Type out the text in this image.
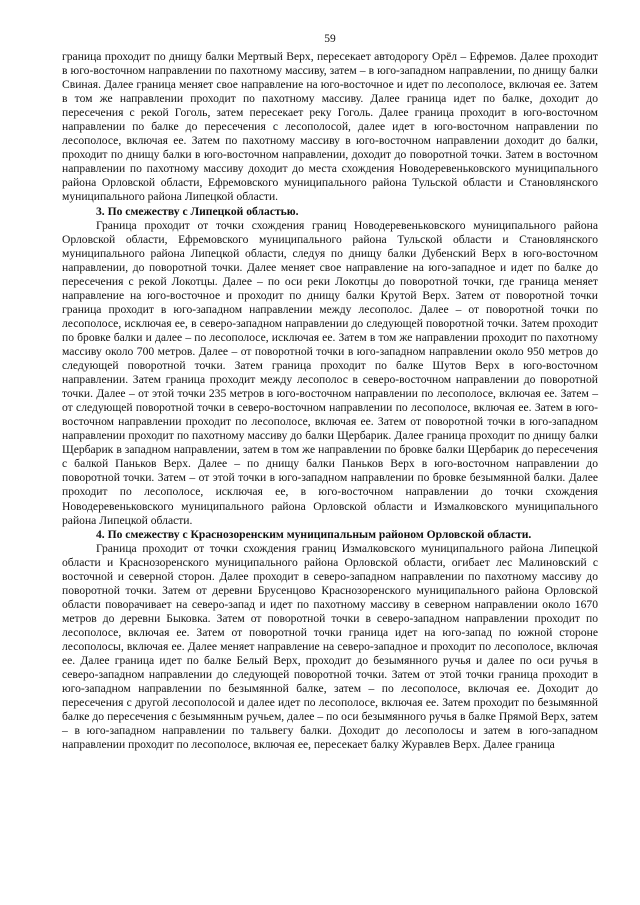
59

граница проходит по днищу балки Мертвый Верх, пересекает автодорогу Орёл – Ефремов. Далее проходит в юго-восточном направлении по пахотному массиву, затем – в юго-западном направлении, по днищу балки Свиная. Далее граница меняет свое направление на юго-восточное и идет по лесополосе, включая ее. Затем в том же направлении проходит по пахотному массиву. Далее граница идет по балке, доходит до пересечения с рекой Гоголь, затем пересекает реку Гоголь. Далее граница проходит в юго-восточном направлении по балке до пересечения с лесополосой, далее идет в юго-восточном направлении по лесополосе, включая ее. Затем по пахотному массиву в юго-восточном направлении доходит до балки, проходит по днищу балки в юго-восточном направлении, доходит до поворотной точки. Затем в восточном направлении по пахотному массиву доходит до места схождения Новодеревеньковского муниципального района Орловской области, Ефремовского муниципального района Тульской области и Становлянского муниципального района Липецкой области.

3. По смежеству с Липецкой областью.

Граница проходит от точки схождения границ Новодеревеньковского муниципального района Орловской области, Ефремовского муниципального района Тульской области и Становлянского муниципального района Липецкой области, следуя по днищу балки Дубенский Верх в юго-восточном направлении, до поворотной точки. Далее меняет свое направление на юго-западное и идет по балке до пересечения с рекой Локотцы. Далее – по оси реки Локотцы до поворотной точки, где граница меняет направление на юго-восточное и проходит по днищу балки Крутой Верх. Затем от поворотной точки граница проходит в юго-западном направлении между лесополос. Далее – от поворотной точки по лесополосе, исключая ее, в северо-западном направлении до следующей поворотной точки. Затем проходит по бровке балки и далее – по лесополосе, исключая ее. Затем в том же направлении проходит по пахотному массиву около 700 метров. Далее – от поворотной точки в юго-западном направлении около 950 метров до следующей поворотной точки. Затем граница проходит по балке Шутов Верх в юго-восточном направлении. Затем граница проходит между лесополос в северо-восточном направлении до поворотной точки. Далее – от этой точки 235 метров в юго-восточном направлении по лесополосе, включая ее. Затем – от следующей поворотной точки в северо-восточном направлении по лесополосе, включая ее. Затем в юго-восточном направлении проходит по лесополосе, включая ее. Затем от поворотной точки в юго-западном направлении проходит по пахотному массиву до балки Щербарик. Далее граница проходит по днищу балки Щербарик в западном направлении, затем в том же направлении по бровке балки Щербарик до пересечения с балкой Паньков Верх. Далее – по днищу балки Паньков Верх в юго-восточном направлении до поворотной точки. Затем – от этой точки в юго-западном направлении по бровке безымянной балки. Далее проходит по лесополосе, исключая ее, в юго-восточном направлении до точки схождения Новодеревеньковского муниципального района Орловской области и Измалковского муниципального района Липецкой области.

4. По смежеству с Краснозоренским муниципальным районом Орловской области.

Граница проходит от точки схождения границ Измалковского муниципального района Липецкой области и Краснозоренского муниципального района Орловской области, огибает лес Малиновский с восточной и северной сторон. Далее проходит в северо-западном направлении по пахотному массиву до поворотной точки. Затем от деревни Брусенцово Краснозоренского муниципального района Орловской области поворачивает на северо-запад и идет по пахотному массиву в северном направлении около 1670 метров до деревни Быковка. Затем от поворотной точки в северо-западном направлении проходит по лесополосе, включая ее. Затем от поворотной точки граница идет на юго-запад по южной стороне лесополосы, включая ее. Далее меняет направление на северо-западное и проходит по лесополосе, включая ее. Далее граница идет по балке Белый Верх, проходит до безымянного ручья и далее по оси ручья в северо-западном направлении до следующей поворотной точки. Затем от этой точки граница проходит в юго-западном направлении по безымянной балке, затем – по лесополосе, включая ее. Доходит до пересечения с другой лесополосой и далее идет по лесополосе, включая ее. Затем проходит по безымянной балке до пересечения с безымянным ручьем, далее – по оси безымянного ручья в балке Прямой Верх, затем – в юго-западном направлении по тальвегу балки. Доходит до лесополосы и затем в юго-западном направлении проходит по лесополосе, включая ее, пересекает балку Журавлев Верх. Далее граница
